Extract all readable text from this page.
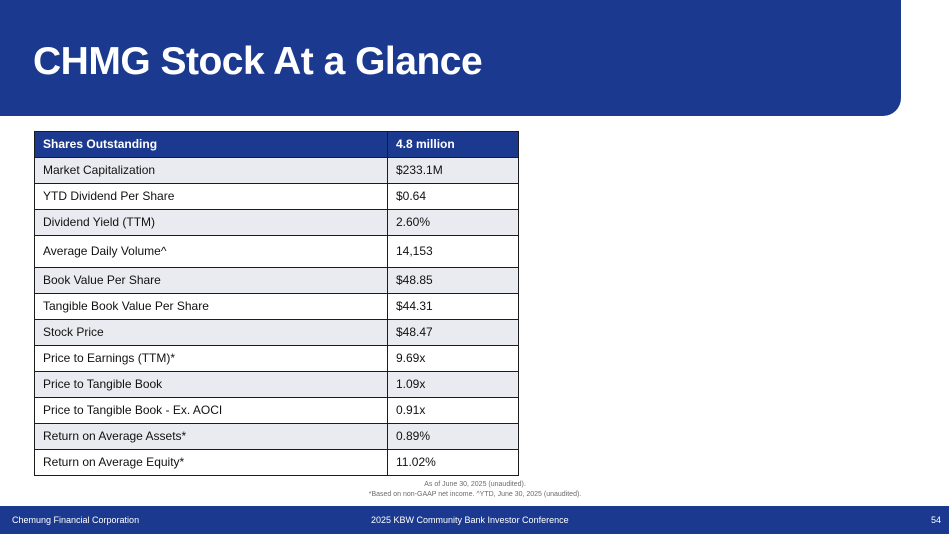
CHMG Stock At a Glance
Shares Outstanding	4.8 million
Market Capitalization	$233.1M
YTD Dividend Per Share	$0.64
Dividend Yield (TTM)	2.60%
Average Daily Volume^	14,153
Book Value Per Share	$48.85
Tangible Book Value Per Share	$44.31
Stock Price	$48.47
Price to Earnings (TTM)*	9.69x
Price to Tangible Book	1.09x
Price to Tangible Book - Ex. AOCI	0.91x
Return on Average Assets*	0.89%
Return on Average Equity*	11.02%
As of June 30, 2025 (unaudited).
*Based on non-GAAP net income. ^YTD, June 30, 2025 (unaudited).
Chemung Financial Corporation	2025 KBW Community Bank Investor Conference	54
